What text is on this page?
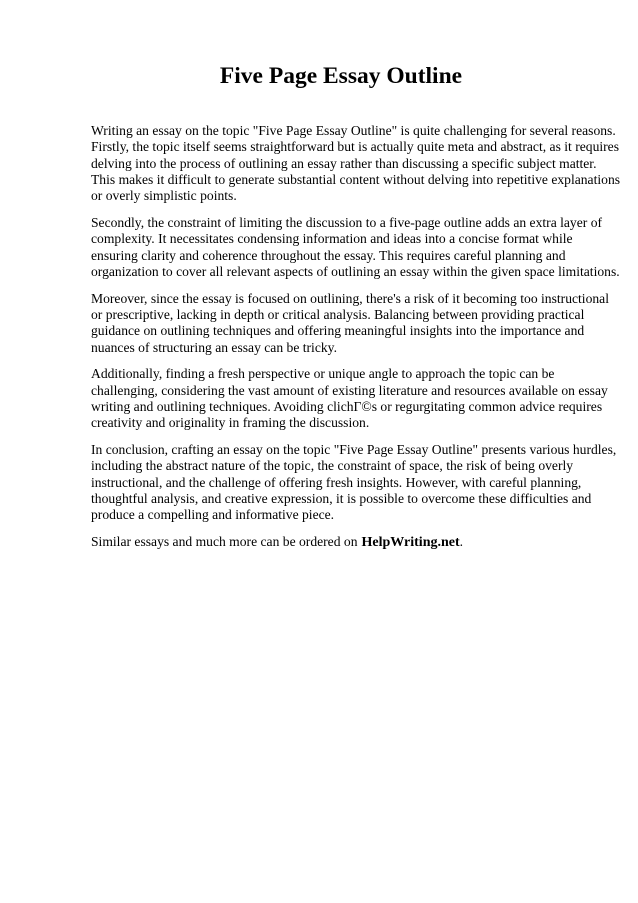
Five Page Essay Outline

Writing an essay on the topic "Five Page Essay Outline" is quite challenging for several reasons.
Firstly, the topic itself seems straightforward but is actually quite meta and abstract, as it requires
delving into the process of outlining an essay rather than discussing a specific subject matter.
This makes it difficult to generate substantial content without delving into repetitive explanations
or overly simplistic points.

Secondly, the constraint of limiting the discussion to a five-page outline adds an extra layer of
complexity. It necessitates condensing information and ideas into a concise format while
ensuring clarity and coherence throughout the essay. This requires careful planning and
organization to cover all relevant aspects of outlining an essay within the given space limitations.

Moreover, since the essay is focused on outlining, there's a risk of it becoming too instructional
or prescriptive, lacking in depth or critical analysis. Balancing between providing practical
guidance on outlining techniques and offering meaningful insights into the importance and
nuances of structuring an essay can be tricky.

Additionally, finding a fresh perspective or unique angle to approach the topic can be
challenging, considering the vast amount of existing literature and resources available on essay
writing and outlining techniques. Avoiding clichГ©s or regurgitating common advice requires
creativity and originality in framing the discussion.

In conclusion, crafting an essay on the topic "Five Page Essay Outline" presents various hurdles,
including the abstract nature of the topic, the constraint of space, the risk of being overly
instructional, and the challenge of offering fresh insights. However, with careful planning,
thoughtful analysis, and creative expression, it is possible to overcome these difficulties and
produce a compelling and informative piece.

Similar essays and much more can be ordered on HelpWriting.net.
